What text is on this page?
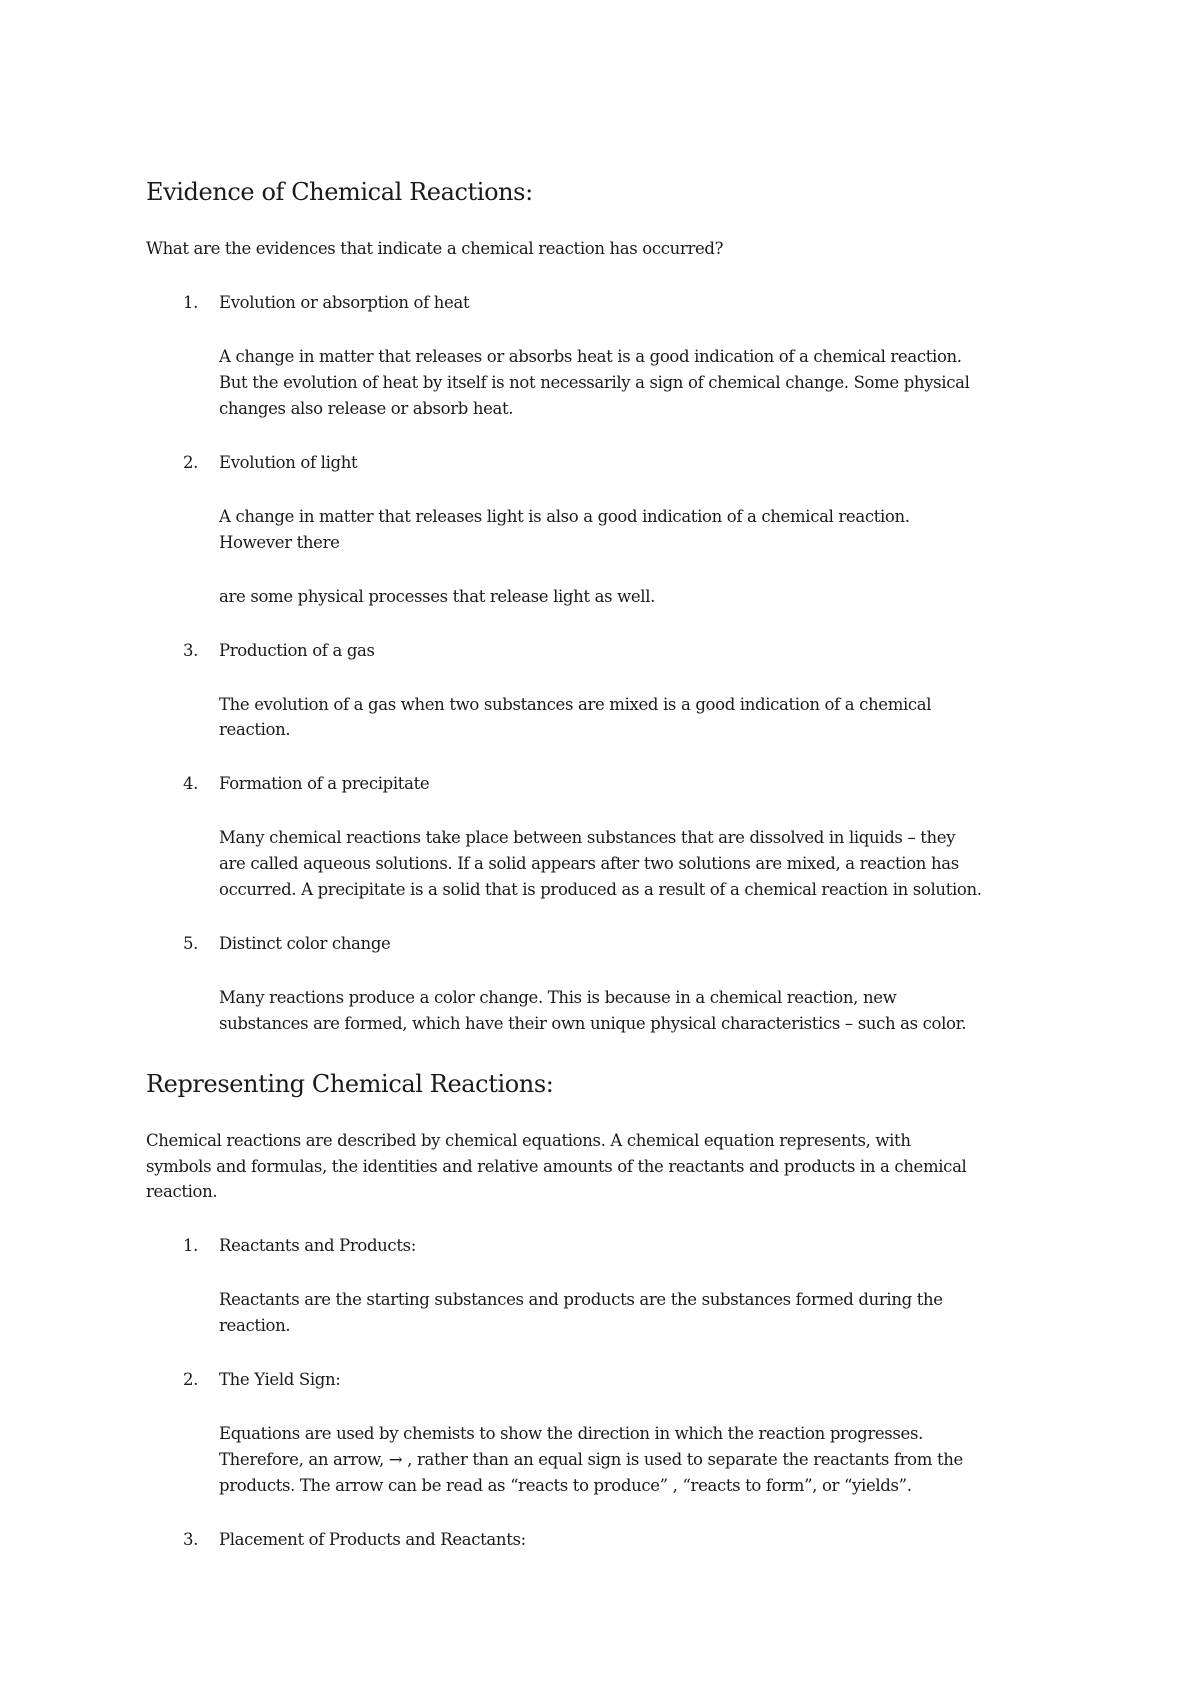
Evidence of Chemical Reactions:
What are the evidences that indicate a chemical reaction has occurred?
1. Evolution or absorption of heat
A change in matter that releases or absorbs heat is a good indication of a chemical reaction.
But the evolution of heat by itself is not necessarily a sign of chemical change. Some physical
changes also release or absorb heat.
2. Evolution of light
A change in matter that releases light is also a good indication of a chemical reaction.
However there
are some physical processes that release light as well.
3. Production of a gas
The evolution of a gas when two substances are mixed is a good indication of a chemical
reaction.
4. Formation of a precipitate
Many chemical reactions take place between substances that are dissolved in liquids – they
are called aqueous solutions. If a solid appears after two solutions are mixed, a reaction has
occurred. A precipitate is a solid that is produced as a result of a chemical reaction in solution.
5. Distinct color change
Many reactions produce a color change. This is because in a chemical reaction, new
substances are formed, which have their own unique physical characteristics – such as color.
Representing Chemical Reactions:
Chemical reactions are described by chemical equations. A chemical equation represents, with
symbols and formulas, the identities and relative amounts of the reactants and products in a chemical
reaction.
1. Reactants and Products:
Reactants are the starting substances and products are the substances formed during the
reaction.
2. The Yield Sign:
Equations are used by chemists to show the direction in which the reaction progresses.
Therefore, an arrow, → , rather than an equal sign is used to separate the reactants from the
products. The arrow can be read as “reacts to produce” , “reacts to form”, or “yields”.
3. Placement of Products and Reactants:
